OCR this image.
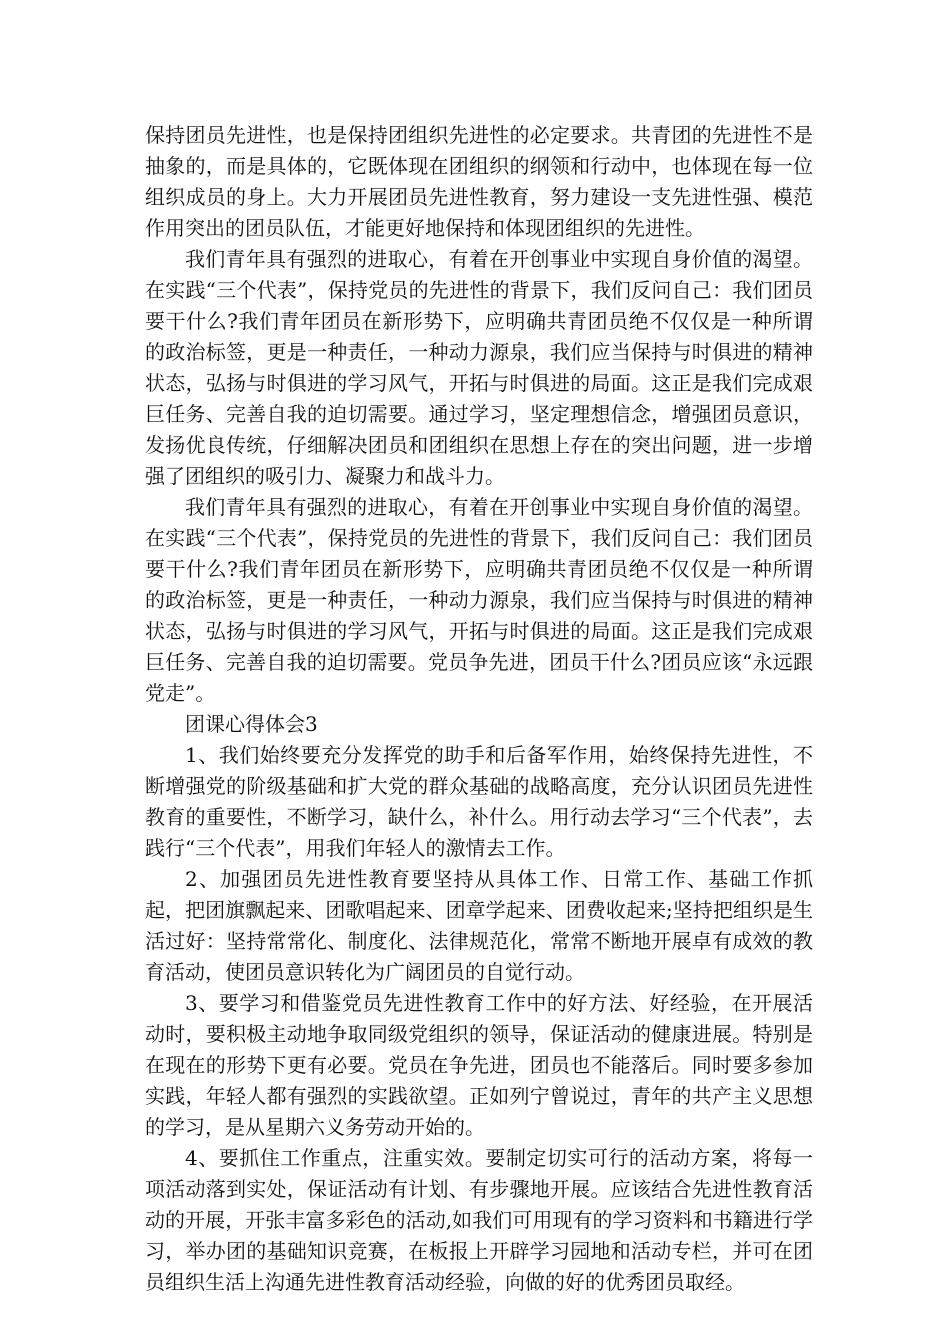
保持团员先进性，也是保持团组织先进性的必定要求。共青团的先进性不是抽象的，而是具体的，它既体现在团组织的纲领和行动中，也体现在每一位组织成员的身上。大力开展团员先进性教育，努力建设一支先进性强、模范作用突出的团员队伍，才能更好地保持和体现团组织的先进性。

我们青年具有强烈的进取心，有着在开创事业中实现自身价值的渴望。在实践“三个代表”，保持党员的先进性的背景下，我们反问自己：我们团员要干什么?我们青年团员在新形势下，应明确共青团员绝不仅仅是一种所谓的政治标签，更是一种责任，一种动力源泉，我们应当保持与时俱进的精神状态，弘扬与时俱进的学习风气，开拓与时俱进的局面。这正是我们完成艰巨任务、完善自我的迫切需要。通过学习，坚定理想信念，增强团员意识，发扬优良传统，仔细解决团员和团组织在思想上存在的突出问题，进一步增强了团组织的吸引力、凝聚力和战斗力。

我们青年具有强烈的进取心，有着在开创事业中实现自身价值的渴望。在实践“三个代表”，保持党员的先进性的背景下，我们反问自己：我们团员要干什么?我们青年团员在新形势下，应明确共青团员绝不仅仅是一种所谓的政治标签，更是一种责任，一种动力源泉，我们应当保持与时俱进的精神状态，弘扬与时俱进的学习风气，开拓与时俱进的局面。这正是我们完成艰巨任务、完善自我的迫切需要。党员争先进，团员干什么?团员应该“永远跟党走”。

团课心得体会3

1、我们始终要充分发挥党的助手和后备军作用，始终保持先进性，不断增强党的阶级基础和扩大党的群众基础的战略高度，充分认识团员先进性教育的重要性，不断学习，缺什么，补什么。用行动去学习“三个代表”，去践行“三个代表”，用我们年轻人的激情去工作。

2、加强团员先进性教育要坚持从具体工作、日常工作、基础工作抓起，把团旗飘起来、团歌唱起来、团章学起来、团费收起来;坚持把组织是生活过好：坚持常常化、制度化、法律规范化，常常不断地开展卓有成效的教育活动，使团员意识转化为广阔团员的自觉行动。

3、要学习和借鉴党员先进性教育工作中的好方法、好经验，在开展活动时，要积极主动地争取同级党组织的领导，保证活动的健康进展。特别是在现在的形势下更有必要。党员在争先进，团员也不能落后。同时要多参加实践，年轻人都有强烈的实践欲望。正如列宁曾说过，青年的共产主义思想的学习，是从星期六义务劳动开始的。

4、要抓住工作重点，注重实效。要制定切实可行的活动方案，将每一项活动落到实处，保证活动有计划、有步骤地开展。应该结合先进性教育活动的开展，开张丰富多彩色的活动,如我们可用现有的学习资料和书籍进行学习，举办团的基础知识竞赛，在板报上开辟学习园地和活动专栏，并可在团员组织生活上沟通先进性教育活动经验，向做的好的优秀团员取经。
